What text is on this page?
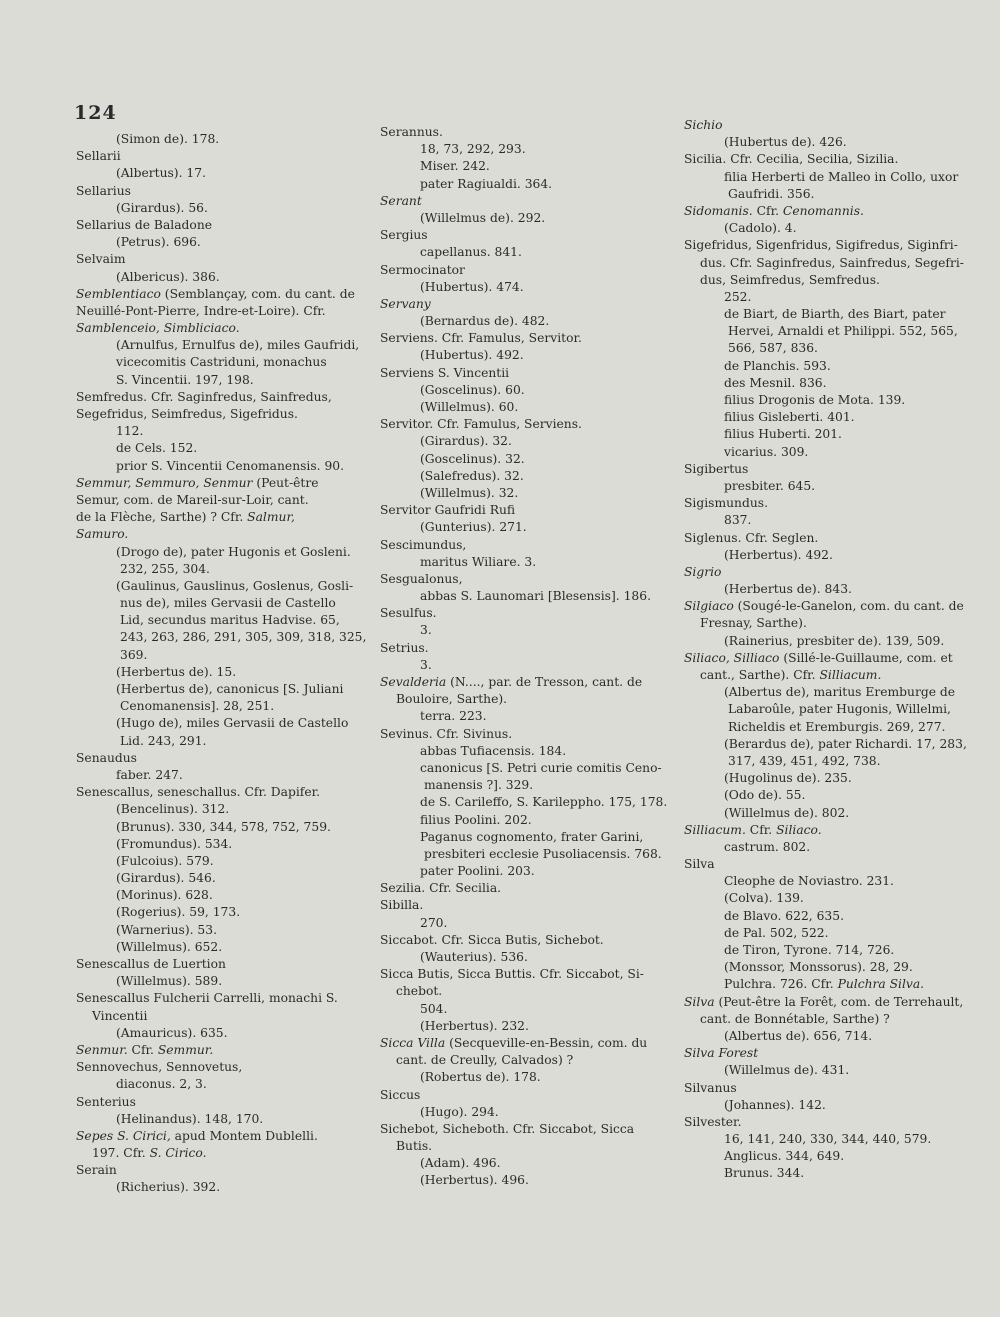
124
(Simon de). 178.
Sellarii
(Albertus). 17.
Sellarius
(Girardus). 56.
Sellarius de Baladone
(Petrus). 696.
Selvaim
(Albericus). 386.
Semblentiaco (Semblançay, com. du cant. de
Neuillé-Pont-Pierre, Indre-et-Loire). Cfr.
Samblenceio, Simbliciaco.
(Arnulfus, Ernulfus de), miles Gaufridi,
vicecomitis Castriduni, monachus
S. Vincentii. 197, 198.
Semfredus. Cfr. Saginfredus, Sainfredus,
Segefridus, Seimfredus, Sigefridus.
112.
de Cels. 152.
prior S. Vincentii Cenomanensis. 90.
Semmur, Semmuro, Senmur (Peut-être
Semur, com. de Mareil-sur-Loir, cant.
de la Flèche, Sarthe) ? Cfr. Salmur,
Samuro.
(Drogo de), pater Hugonis et Gosleni.
232, 255, 304.
(Gaulinus, Gauslinus, Goslenus, Gosli-
nus de), miles Gervasii de Castello
Lid, secundus maritus Hadvise. 65,
243, 263, 286, 291, 305, 309, 318, 325,
369.
(Herbertus de). 15.
(Herbertus de), canonicus [S. Juliani
Cenomanensis]. 28, 251.
(Hugo de), miles Gervasii de Castello
Lid. 243, 291.
Senaudus
faber. 247.
Senescallus, seneschallus. Cfr. Dapifer.
(Bencelinus). 312.
(Brunus). 330, 344, 578, 752, 759.
(Fromundus). 534.
(Fulcoius). 579.
(Girardus). 546.
(Morinus). 628.
(Rogerius). 59, 173.
(Warnerius). 53.
(Willelmus). 652.
Senescallus de Luertion
(Willelmus). 589.
Senescallus Fulcherii Carrelli, monachi S.
Vincentii
(Amauricus). 635.
Senmur. Cfr. Semmur.
Sennovechus, Sennovetus,
diaconus. 2, 3.
Senterius
(Helinandus). 148, 170.
Sepes S. Cirici, apud Montem Dublelli.
197. Cfr. S. Cirico.
Serain
(Richerius). 392.
Serannus.
18, 73, 292, 293.
Miser. 242.
pater Ragiualdi. 364.
Serant
(Willelmus de). 292.
Sergius
capellanus. 841.
Sermocinator
(Hubertus). 474.
Servany
(Bernardus de). 482.
Serviens. Cfr. Famulus, Servitor.
(Hubertus). 492.
Serviens S. Vincentii
(Goscelinus). 60.
(Willelmus). 60.
Servitor. Cfr. Famulus, Serviens.
(Girardus). 32.
(Goscelinus). 32.
(Salefredus). 32.
(Willelmus). 32.
Servitor Gaufridi Rufi
(Gunterius). 271.
Sescimundus,
maritus Wiliare. 3.
Sesgualonus,
abbas S. Launomari [Blesensis]. 186.
Sesulfus.
3.
Setrius.
3.
Sevalderia (N...., par. de Tresson, cant. de
Bouloire, Sarthe).
terra. 223.
Sevinus. Cfr. Sivinus.
abbas Tufiacensis. 184.
canonicus [S. Petri curie comitis Ceno-
manensis ?]. 329.
de S. Carileffo, S. Karileppho. 175, 178.
filius Poolini. 202.
Paganus cognomento, frater Garini,
presbiteri ecclesie Pusoliacensis. 768.
pater Poolini. 203.
Sezilia. Cfr. Secilia.
Sibilla.
270.
Siccabot. Cfr. Sicca Butis, Sichebot.
(Wauterius). 536.
Sicca Butis, Sicca Buttis. Cfr. Siccabot, Si-
chebot.
504.
(Herbertus). 232.
Sicca Villa (Secqueville-en-Bessin, com. du
cant. de Creully, Calvados) ?
(Robertus de). 178.
Siccus
(Hugo). 294.
Sichebot, Sicheboth. Cfr. Siccabot, Sicca
Butis.
(Adam). 496.
(Herbertus). 496.
Sichio
(Hubertus de). 426.
Sicilia. Cfr. Cecilia, Secilia, Sizilia.
filia Herberti de Malleo in Collo, uxor
Gaufridi. 356.
Sidomanis. Cfr. Cenomannis.
(Cadolo). 4.
Sigefridus, Sigenfridus, Sigifredus, Siginfri-
dus. Cfr. Saginfredus, Sainfredus, Segefri-
dus, Seimfredus, Semfredus.
252.
de Biart, de Biarth, des Biart, pater
Hervei, Arnaldi et Philippi. 552, 565,
566, 587, 836.
de Planchis. 593.
des Mesnil. 836.
filius Drogonis de Mota. 139.
filius Gisleberti. 401.
filius Huberti. 201.
vicarius. 309.
Sigibertus
presbiter. 645.
Sigismundus.
837.
Siglenus. Cfr. Seglen.
(Herbertus). 492.
Sigrio
(Herbertus de). 843.
Silgiaco (Sougé-le-Ganelon, com. du cant. de
Fresnay, Sarthe).
(Rainerius, presbiter de). 139, 509.
Siliaco, Silliaco (Sillé-le-Guillaume, com. et
cant., Sarthe). Cfr. Silliacum.
(Albertus de), maritus Eremburge de
Labaroûle, pater Hugonis, Willelmi,
Richeldis et Eremburgis. 269, 277.
(Berardus de), pater Richardi. 17, 283,
317, 439, 451, 492, 738.
(Hugolinus de). 235.
(Odo de). 55.
(Willelmus de). 802.
Silliacum. Cfr. Siliaco.
castrum. 802.
Silva
Cleophe de Noviastro. 231.
(Colva). 139.
de Blavo. 622, 635.
de Pal. 502, 522.
de Tiron, Tyrone. 714, 726.
(Monssor, Monssorus). 28, 29.
Pulchra. 726. Cfr. Pulchra Silva.
Silva (Peut-être la Forêt, com. de Terrehault,
cant. de Bonnétable, Sarthe) ?
(Albertus de). 656, 714.
Silva Forest
(Willelmus de). 431.
Silvanus
(Johannes). 142.
Silvester.
16, 141, 240, 330, 344, 440, 579.
Anglicus. 344, 649.
Brunus. 344.
